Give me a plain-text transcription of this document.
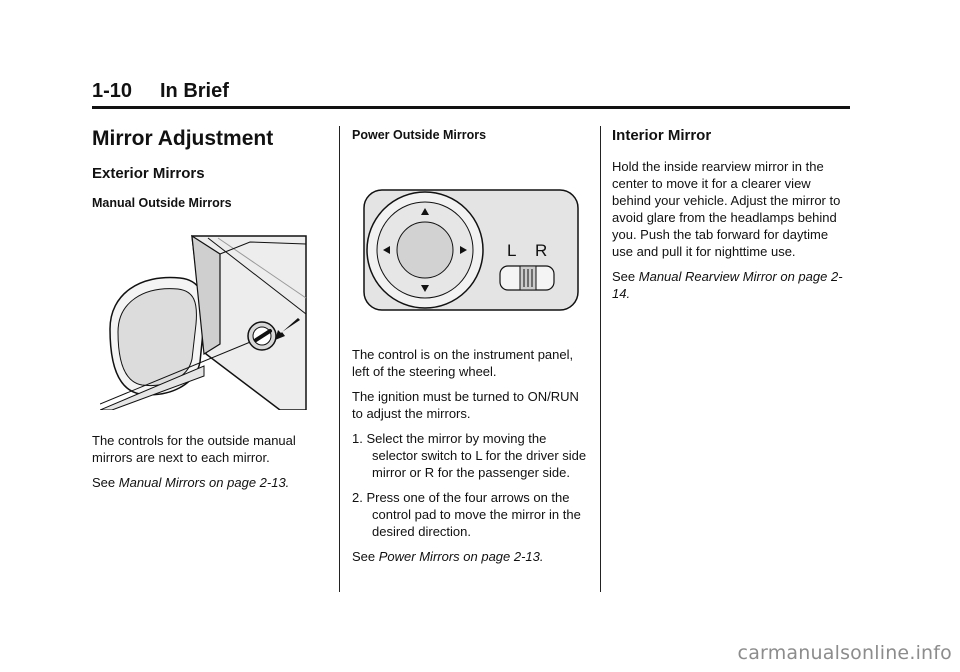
1-10 In Brief
Mirror Adjustment
Exterior Mirrors
Manual Outside Mirrors

The controls for the outside manual mirrors are next to each mirror.

See Manual Mirrors on page 2-13.

Power Outside Mirrors
L R

The control is on the instrument panel, left of the steering wheel.

The ignition must be turned to ON/RUN to adjust the mirrors.

1. Select the mirror by moving the selector switch to L for the driver side mirror or R for the passenger side.
2. Press one of the four arrows on the control pad to move the mirror in the desired direction.

See Power Mirrors on page 2-13.

Interior Mirror

Hold the inside rearview mirror in the center to move it for a clearer view behind your vehicle. Adjust the mirror to avoid glare from the headlamps behind you. Push the tab forward for daytime use and pull it for nighttime use.

See Manual Rearview Mirror on page 2-14.

carmanualsonline.info
